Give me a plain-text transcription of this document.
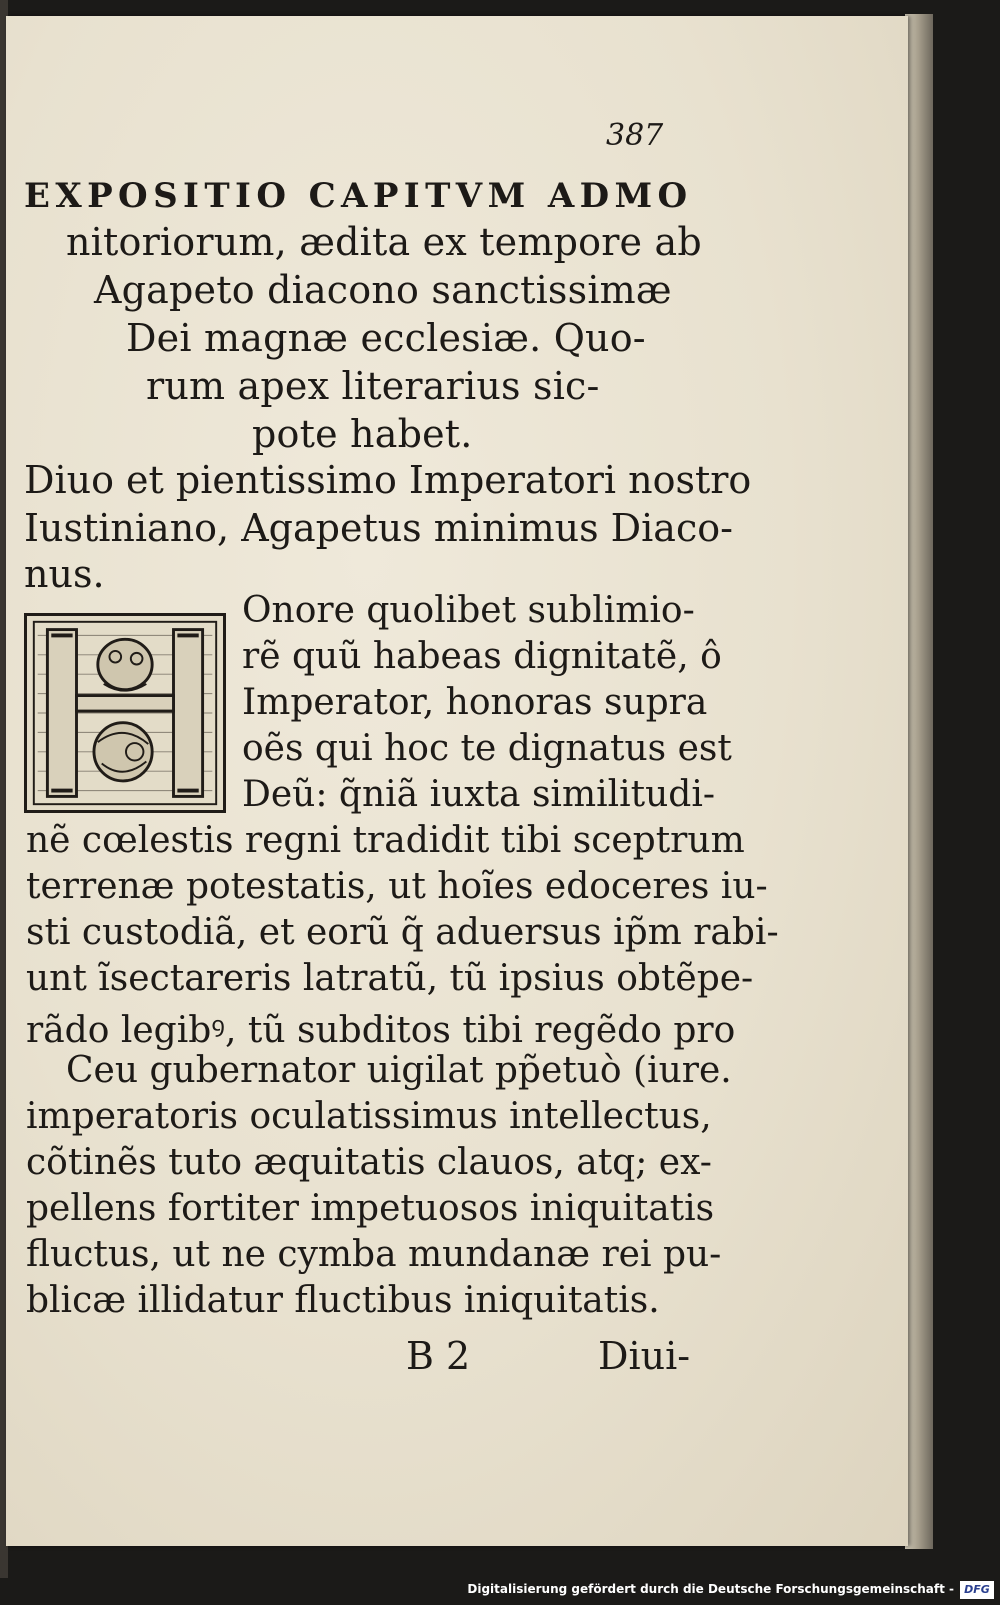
387
EXPOSITIO CAPITVM ADMO
nitoriorum, ædita ex tempore ab
Agapeto diacono sanctissimæ
Dei magnæ ecclesiæ. Quo-
rum apex literarius sic-
pote habet.
Diuo et pientissimo Imperatori nostro
Iustiniano, Agapetus minimus Diaco-
nus.
Onore quolibet sublimio-
rẽ quũ habeas dignitatẽ, ô
Imperator, honoras supra
oẽs qui hoc te dignatus est
Deũ: q̃niã iuxta similitudi-
nẽ cœlestis regni tradidit tibi sceptrum
terrenæ potestatis, ut hoĩes edoceres iu-
sti custodiã, et eorũ q̃ aduersus ip̃m rabi-
unt ĩsectareris latratũ, tũ ipsius obtẽpe-
rãdo legibꝰ, tũ subditos tibi regẽdo pro
Ceu gubernator uigilat pp̃etuò (iure.
imperatoris oculatissimus intellectus,
cõtinẽs tuto æquitatis clauos, atq; ex-
pellens fortiter impetuosos iniquitatis
fluctus, ut ne cymba mundanæ rei pu-
blicæ illidatur fluctibus iniquitatis.
B 2	Diui-
Digitalisierung gefördert durch die Deutsche Forschungsgemeinschaft - DFG
